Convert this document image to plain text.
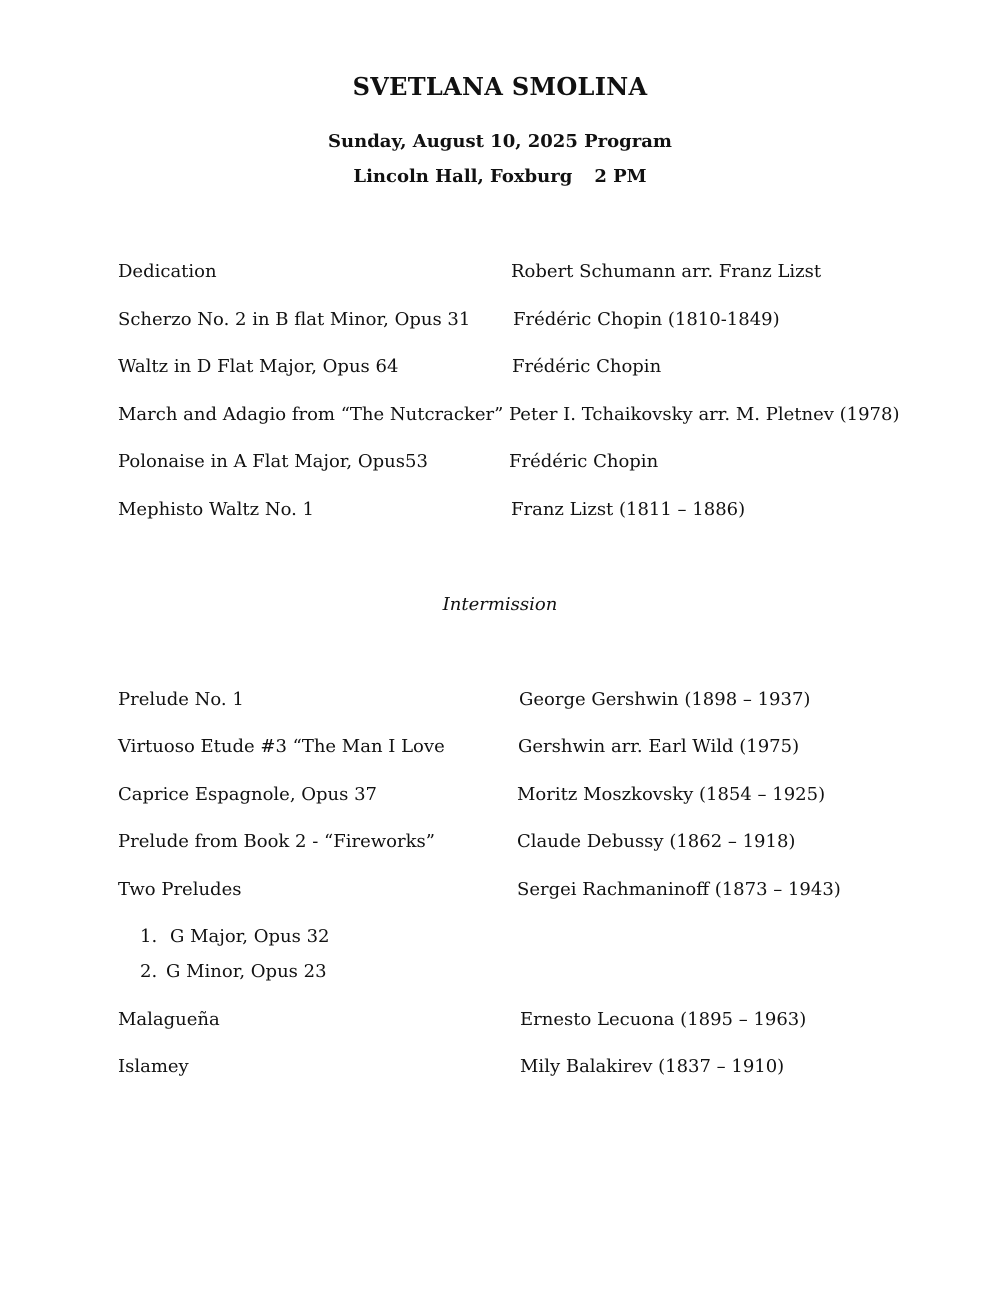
SVETLANA SMOLINA
Sunday, August 10, 2025 Program
Lincoln Hall, Foxburg 2 PM
Dedication	Robert Schumann arr. Franz Lizst
Scherzo No. 2 in B flat Minor, Opus 31 Frédéric Chopin (1810-1849)
Waltz in D Flat Major, Opus 64	Frédéric Chopin
March and Adagio from “The Nutcracker” Peter I. Tchaikovsky arr. M. Pletnev (1978)
Polonaise in A Flat Major, Opus53	Frédéric Chopin
Mephisto Waltz No. 1	Franz Lizst (1811 – 1886)
Intermission
Prelude No. 1	George Gershwin (1898 – 1937)
Virtuoso Etude #3 “The Man I Love	Gershwin arr. Earl Wild (1975)
Caprice Espagnole, Opus 37	Moritz Moszkovsky (1854 – 1925)
Prelude from Book 2 - “Fireworks”	Claude Debussy (1862 – 1918)
Two Preludes	Sergei Rachmaninoff (1873 – 1943)
1. G Major, Opus 32
2. G Minor, Opus 23
Malagueña	Ernesto Lecuona (1895 – 1963)
Islamey	Mily Balakirev (1837 – 1910)
